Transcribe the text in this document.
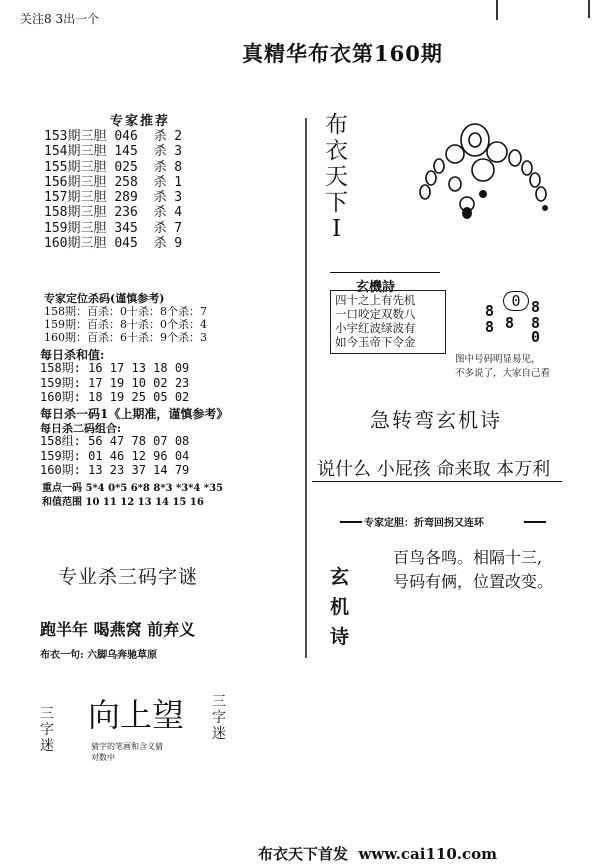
关注8 3出一个
真精华布衣第160期
专家推荐
153期三胆 046 杀 2
154期三胆 145 杀 3
155期三胆 025 杀 8
156期三胆 258 杀 1
157期三胆 289 杀 3
158期三胆 236 杀 4
159期三胆 345 杀 7
160期三胆 045 杀 9
专家定位杀码(谨慎参考)
158期：百杀：0十杀：8个杀：7
159期：百杀：8十杀：0个杀：4
160期：百杀：6十杀：9个杀：3
每日杀和值:
158期: 16 17 13 18 09
159期: 17 19 10 02 23
160期: 18 19 25 05 02
每日杀一码1《上期准，谨慎参考》
每日杀二码组合:
158组: 56 47 78 07 08
159期: 01 46 12 96 04
160期: 13 23 37 14 79
重点一码 5*4 0*5 6*8 8*3 *3*4 *35
和值范围 10 11 12 13 14 15 16
专业杀三码字谜
跑半年 喝燕窝 前弃义
布衣一句: 六脚乌奔驰草原
三字迷
向上望 三字迷
猜字的笔画和含义猜
对数中
布
衣
天
下
I
玄機詩
四十之上有先机
一口咬定双数八
小宇红波绿波有
如今玉帝下令金
0
8
8 8
8
8
0
图中号码明显易见，
不多说了，大家自己看
急转弯玄机诗
说什么 小屁孩 命来取 本万利
专家定胆：折弯回拐又连环
玄
机
诗
百鸟各鸣。相隔十三,
号码有俩，位置改变。
布衣天下首发  www.cai110.com
